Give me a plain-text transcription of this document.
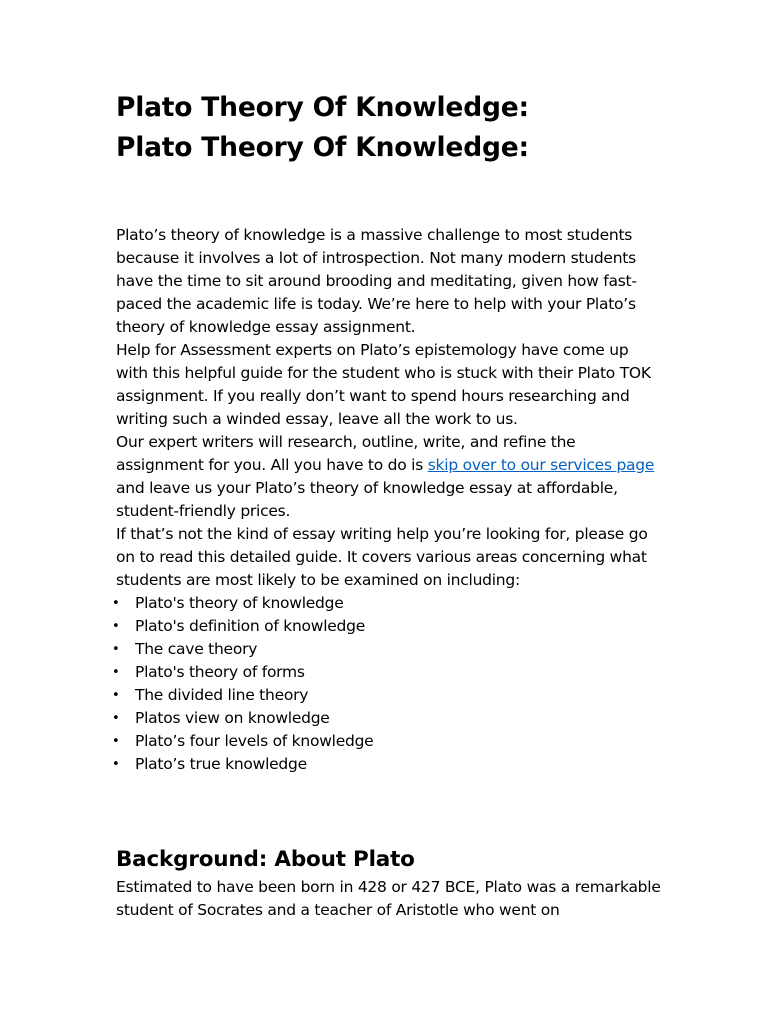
Plato Theory Of Knowledge:
Plato Theory Of Knowledge:

Plato’s theory of knowledge is a massive challenge to most students because it involves a lot of introspection. Not many modern students have the time to sit around brooding and meditating, given how fast-paced the academic life is today. We’re here to help with your Plato’s theory of knowledge essay assignment.

Help for Assessment experts on Plato’s epistemology have come up with this helpful guide for the student who is stuck with their Plato TOK assignment. If you really don’t want to spend hours researching and writing such a winded essay, leave all the work to us.

Our expert writers will research, outline, write, and refine the assignment for you. All you have to do is skip over to our services page and leave us your Plato’s theory of knowledge essay at affordable, student-friendly prices.

If that’s not the kind of essay writing help you’re looking for, please go on to read this detailed guide. It covers various areas concerning what students are most likely to be examined on including:

• Plato's theory of knowledge
• Plato's definition of knowledge
• The cave theory
• Plato's theory of forms
• The divided line theory
• Platos view on knowledge
• Plato’s four levels of knowledge
• Plato’s true knowledge
Background: About Plato

Estimated to have been born in 428 or 427 BCE, Plato was a remarkable student of Socrates and a teacher of Aristotle who went on
